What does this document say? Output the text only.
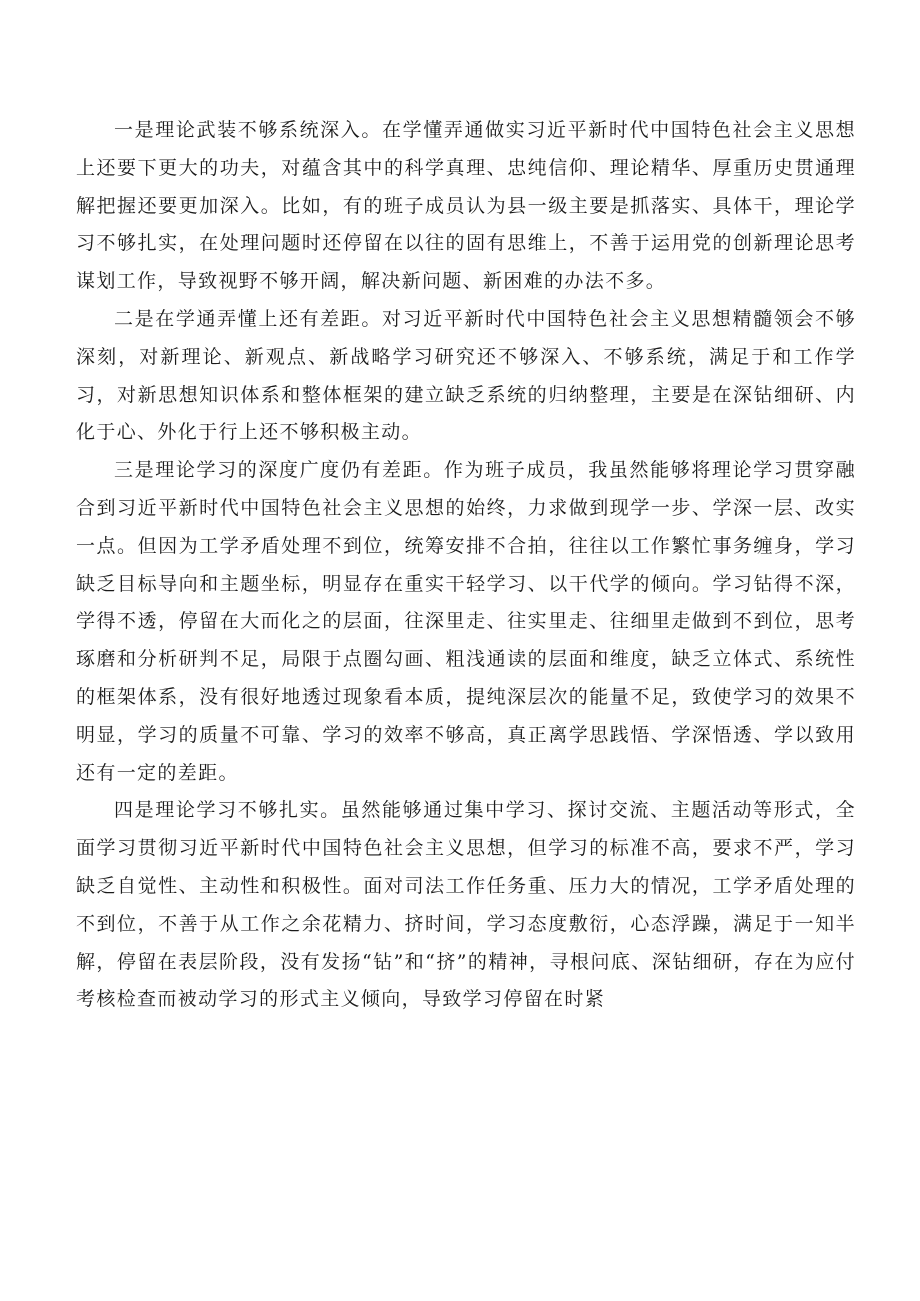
一是理论武装不够系统深入。在学懂弄通做实习近平新时代中国特色社会主义思想上还要下更大的功夫，对蕴含其中的科学真理、忠纯信仰、理论精华、厚重历史贯通理解把握还要更加深入。比如，有的班子成员认为县一级主要是抓落实、具体干，理论学习不够扎实，在处理问题时还停留在以往的固有思维上，不善于运用党的创新理论思考谋划工作，导致视野不够开阔，解决新问题、新困难的办法不多。

二是在学通弄懂上还有差距。对习近平新时代中国特色社会主义思想精髓领会不够深刻，对新理论、新观点、新战略学习研究还不够深入、不够系统，满足于和工作学习，对新思想知识体系和整体框架的建立缺乏系统的归纳整理，主要是在深钻细研、内化于心、外化于行上还不够积极主动。

三是理论学习的深度广度仍有差距。作为班子成员，我虽然能够将理论学习贯穿融合到习近平新时代中国特色社会主义思想的始终，力求做到现学一步、学深一层、改实一点。但因为工学矛盾处理不到位，统筹安排不合拍，往往以工作繁忙事务缠身，学习缺乏目标导向和主题坐标，明显存在重实干轻学习、以干代学的倾向。学习钻得不深，学得不透，停留在大而化之的层面，往深里走、往实里走、往细里走做到不到位，思考琢磨和分析研判不足，局限于点圈勾画、粗浅通读的层面和维度，缺乏立体式、系统性的框架体系，没有很好地透过现象看本质，提纯深层次的能量不足，致使学习的效果不明显，学习的质量不可靠、学习的效率不够高，真正离学思践悟、学深悟透、学以致用还有一定的差距。

四是理论学习不够扎实。虽然能够通过集中学习、探讨交流、主题活动等形式，全面学习贯彻习近平新时代中国特色社会主义思想，但学习的标准不高，要求不严，学习缺乏自觉性、主动性和积极性。面对司法工作任务重、压力大的情况，工学矛盾处理的不到位，不善于从工作之余花精力、挤时间，学习态度敷衍，心态浮躁，满足于一知半解，停留在表层阶段，没有发扬“钻”和“挤”的精神，寻根问底、深钻细研，存在为应付考核检查而被动学习的形式主义倾向，导致学习停留在时紧
